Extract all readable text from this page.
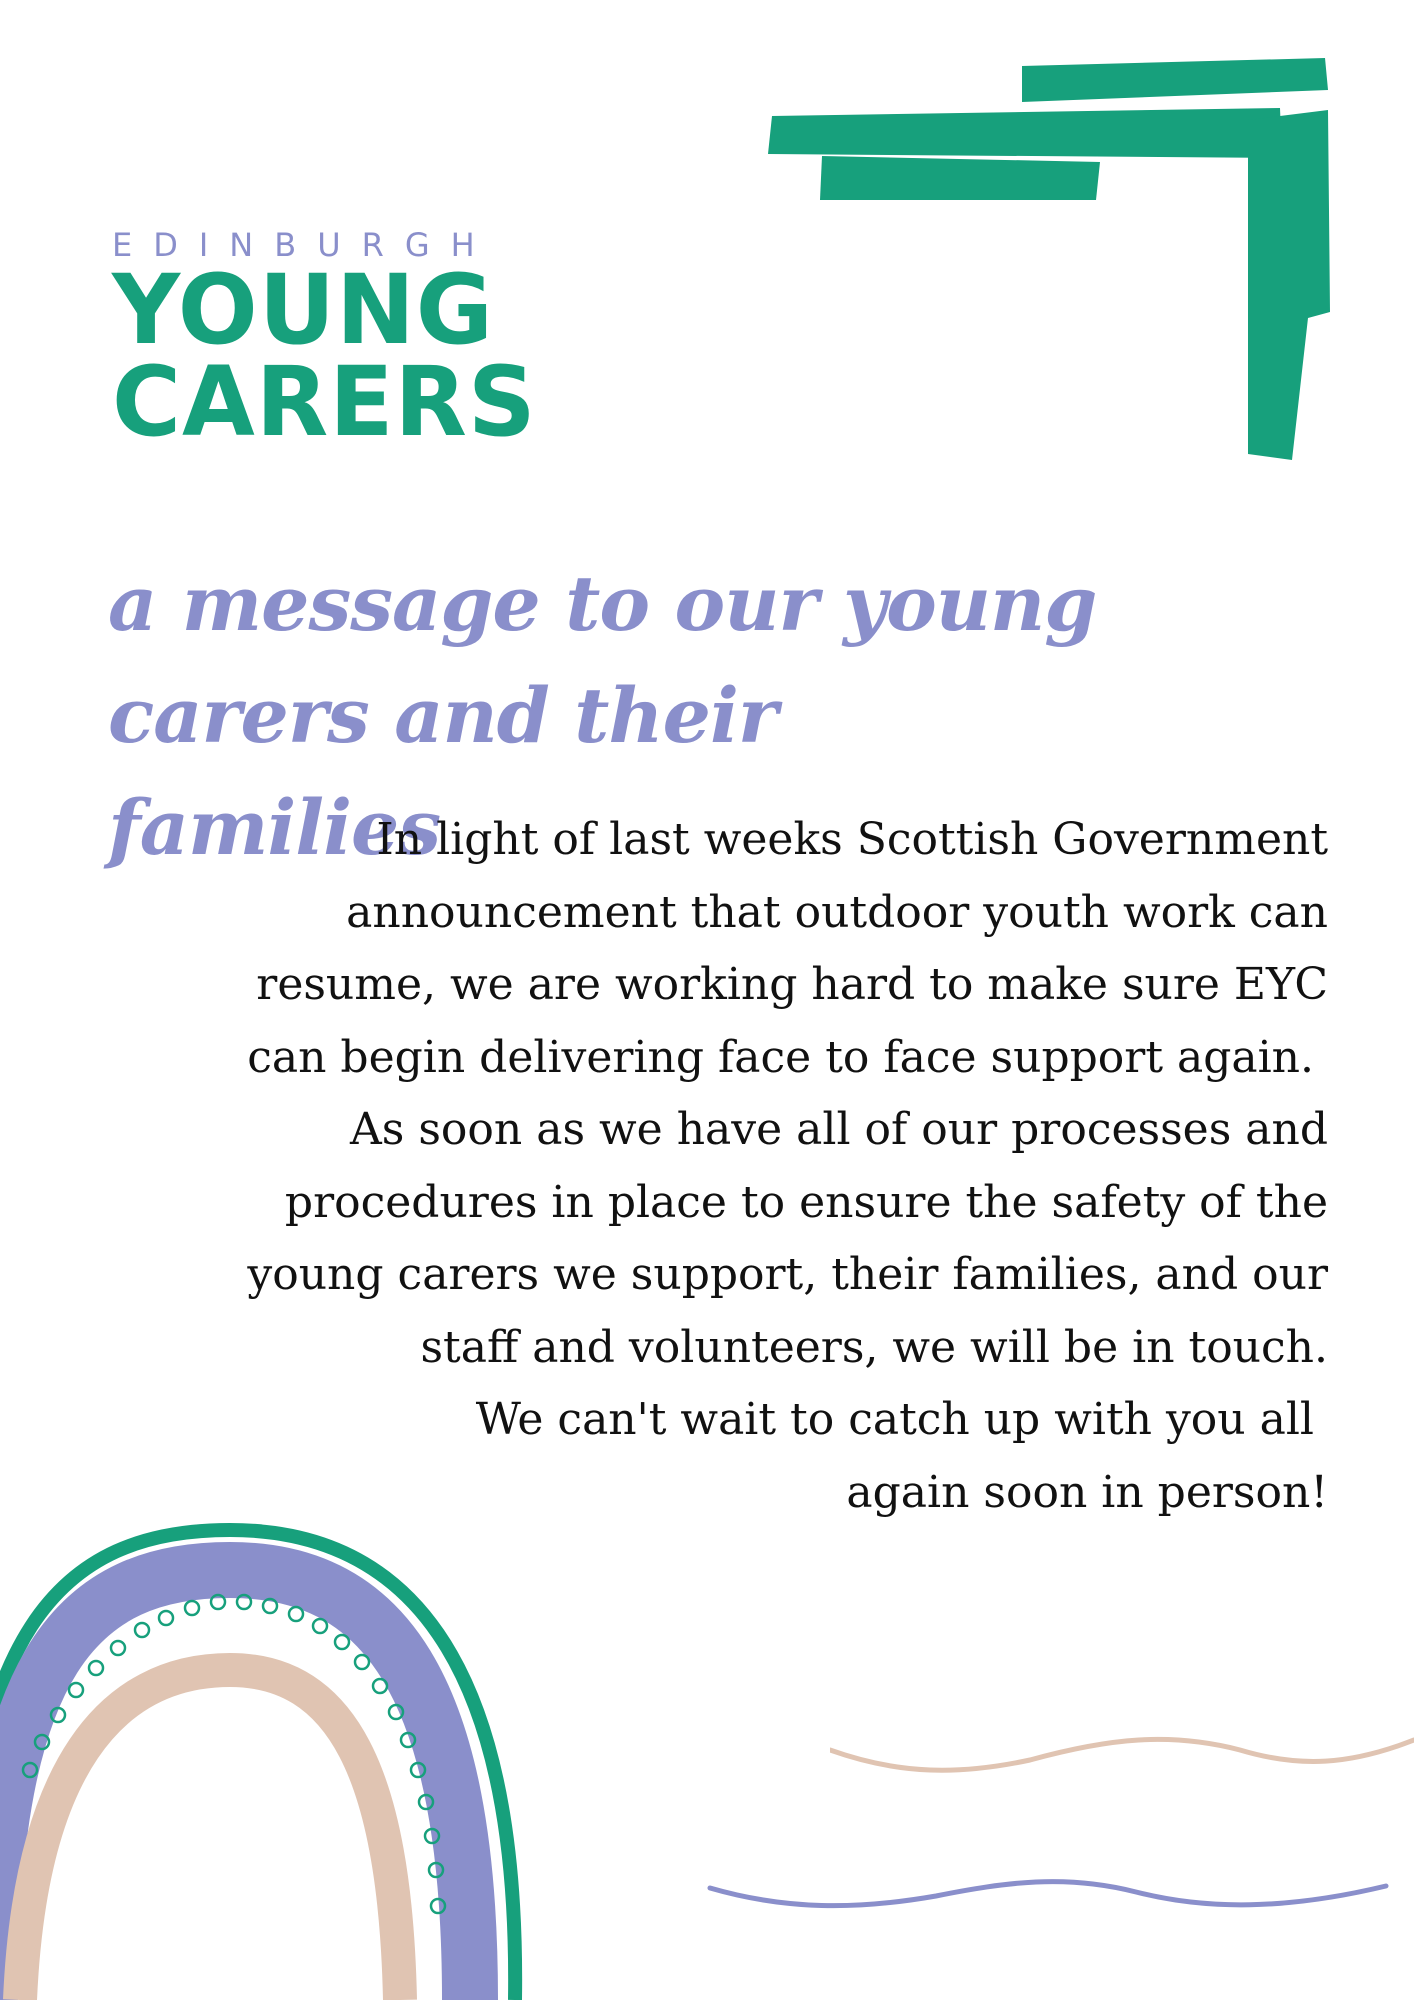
EDINBURGH

YOUNG

CARERS

a message to our young
carers and their families
In light of last weeks Scottish Government
announcement that outdoor youth work can
resume, we are working hard to make sure EYC
can begin delivering face to face support again.
As soon as we have all of our processes and
procedures in place to ensure the safety of the
young carers we support, their families, and our
staff and volunteers, we will be in touch.
We can't wait to catch up with you all
again soon in person!
